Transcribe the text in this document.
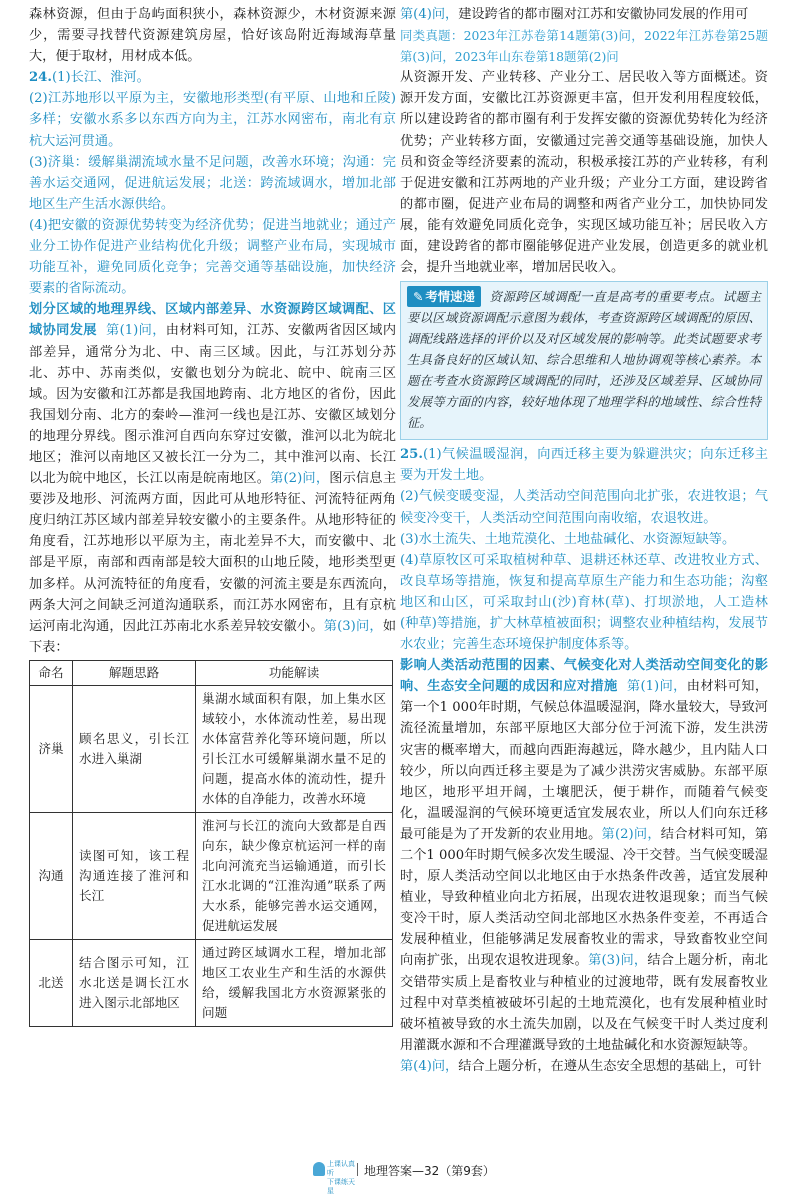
森林资源，但由于岛屿面积狭小，森林资源少，木材资源来源少，需要寻找替代资源建筑房屋，恰好该岛附近海域海草量大，便于取材，用材成本低。

24.(1)长江、淮河。

(2)江苏地形以平原为主，安徽地形类型(有平原、山地和丘陵)多样；安徽水系多以东西方向为主，江苏水网密布，南北有京杭大运河贯通。

(3)济巢：缓解巢湖流域水量不足问题，改善水环境；沟通：完善水运交通网，促进航运发展；北送：跨流域调水，增加北部地区生产生活水源供给。

(4)把安徽的资源优势转变为经济优势；促进当地就业；通过产业分工协作促进产业结构优化升级；调整产业布局，实现城市功能互补，避免同质化竞争；完善交通等基础设施，加快经济要素的省际流动。

划分区域的地理界线、区域内部差异、水资源跨区域调配、区域协同发展 第(1)问，由材料可知，江苏、安徽两省因区域内部差异，通常分为北、中、南三区域。因此，与江苏划分苏北、苏中、苏南类似，安徽也划分为皖北、皖中、皖南三区域。因为安徽和江苏都是我国地跨南、北方地区的省份，因此我国划分南、北方的秦岭—淮河一线也是江苏、安徽区域划分的地理分界线。图示淮河自西向东穿过安徽，淮河以北为皖北地区；淮河以南地区又被长江一分为二，其中淮河以南、长江以北为皖中地区，长江以南是皖南地区。第(2)问，图示信息主要涉及地形、河流两方面，因此可从地形特征、河流特征两角度归纳江苏区域内部差异较安徽小的主要条件。从地形特征的角度看，江苏地形以平原为主，南北差异不大，而安徽中、北部是平原，南部和西南部是较大面积的山地丘陵，地形类型更加多样。从河流特征的角度看，安徽的河流主要是东西流向，两条大河之间缺乏河道沟通联系，而江苏水网密布，且有京杭运河南北沟通，因此江苏南北水系差异较安徽小。第(3)问，如下表：

命名	解题思路	功能解读
济巢	顾名思义，引长江水进入巢湖	巢湖水域面积有限，加上集水区域较小，水体流动性差，易出现水体富营养化等环境问题，所以引长江水可缓解巢湖水量不足的问题，提高水体的流动性，提升水体的自净能力，改善水环境
沟通	读图可知，该工程沟通连接了淮河和长江	淮河与长江的流向大致都是自西向东，缺少像京杭运河一样的南北向河流充当运输通道，而引长江水北调的“江淮沟通”联系了两大水系，能够完善水运交通网，促进航运发展
北送	结合图示可知，江水北送是调长江水进入图示北部地区	通过跨区域调水工程，增加北部地区工农业生产和生活的水源供给，缓解我国北方水资源紧张的问题

第(4)问，建设跨省的都市圈对江苏和安徽协同发展的作用可

同类真题：2023年江苏卷第14题第(3)问，2022年江苏卷第25题第(3)问，2023年山东卷第18题第(2)问

从资源开发、产业转移、产业分工、居民收入等方面概述。资源开发方面，安徽比江苏资源更丰富，但开发利用程度较低，所以建设跨省的都市圈有利于发挥安徽的资源优势转化为经济优势；产业转移方面，安徽通过完善交通等基础设施，加快人员和资金等经济要素的流动，积极承接江苏的产业转移，有利于促进安徽和江苏两地的产业升级；产业分工方面，建设跨省的都市圈，促进产业布局的调整和两省产业分工，加快协同发展，能有效避免同质化竞争，实现区域功能互补；居民收入方面，建设跨省的都市圈能够促进产业发展，创造更多的就业机会，提升当地就业率，增加居民收入。

✎ 考情速递 资源跨区域调配一直是高考的重要考点。试题主要以区域资源调配示意图为载体，考查资源跨区域调配的原因、调配线路选择的评价以及对区域发展的影响等。此类试题要求考生具备良好的区域认知、综合思维和人地协调观等核心素养。本题在考查水资源跨区域调配的同时，还涉及区域差异、区域协同发展等方面的内容，较好地体现了地理学科的地域性、综合性特征。

25.(1)气候温暖湿润，向西迁移主要为躲避洪灾；向东迁移主要为开发土地。

(2)气候变暖变湿，人类活动空间范围向北扩张，农进牧退；气候变冷变干，人类活动空间范围向南收缩，农退牧进。

(3)水土流失、土地荒漠化、土地盐碱化、水资源短缺等。

(4)草原牧区可采取植树种草、退耕还林还草、改进牧业方式、改良草场等措施，恢复和提高草原生产能力和生态功能；沟壑地区和山区，可采取封山(沙)育林(草)、打坝淤地，人工造林(种草)等措施，扩大林草植被面积；调整农业种植结构，发展节水农业；完善生态环境保护制度体系等。

影响人类活动范围的因素、气候变化对人类活动空间变化的影响、生态安全问题的成因和应对措施 第(1)问，由材料可知，第一个1 000年时期，气候总体温暖湿润，降水量较大，导致河流径流量增加，东部平原地区大部分位于河流下游，发生洪涝灾害的概率增大，而越向西距海越远，降水越少，且内陆人口较少，所以向西迁移主要是为了减少洪涝灾害威胁。东部平原地区，地形平坦开阔，土壤肥沃，便于耕作，而随着气候变化，温暖湿润的气候环境更适宜发展农业，所以人们向东迁移最可能是为了开发新的农业用地。第(2)问，结合材料可知，第二个1 000年时期气候多次发生暖湿、冷干交替。当气候变暖湿时，原人类活动空间以北地区由于水热条件改善，适宜发展种植业，导致种植业向北方拓展，出现农进牧退现象；而当气候变冷干时，原人类活动空间北部地区水热条件变差，不再适合发展种植业，但能够满足发展畜牧业的需求，导致畜牧业空间向南扩张，出现农退牧进现象。第(3)问，结合上题分析，南北交错带实质上是畜牧业与种植业的过渡地带，既有发展畜牧业过程中对草类植被破坏引起的土地荒漠化，也有发展种植业时破坏植被导致的水土流失加剧，以及在气候变干时人类过度利用灌溉水源和不合理灌溉导致的土地盐碱化和水资源短缺等。

第(4)问，结合上题分析，在遵从生态安全思想的基础上，可针

上课认真听
下课练天星
地理答案—32（第9套）
